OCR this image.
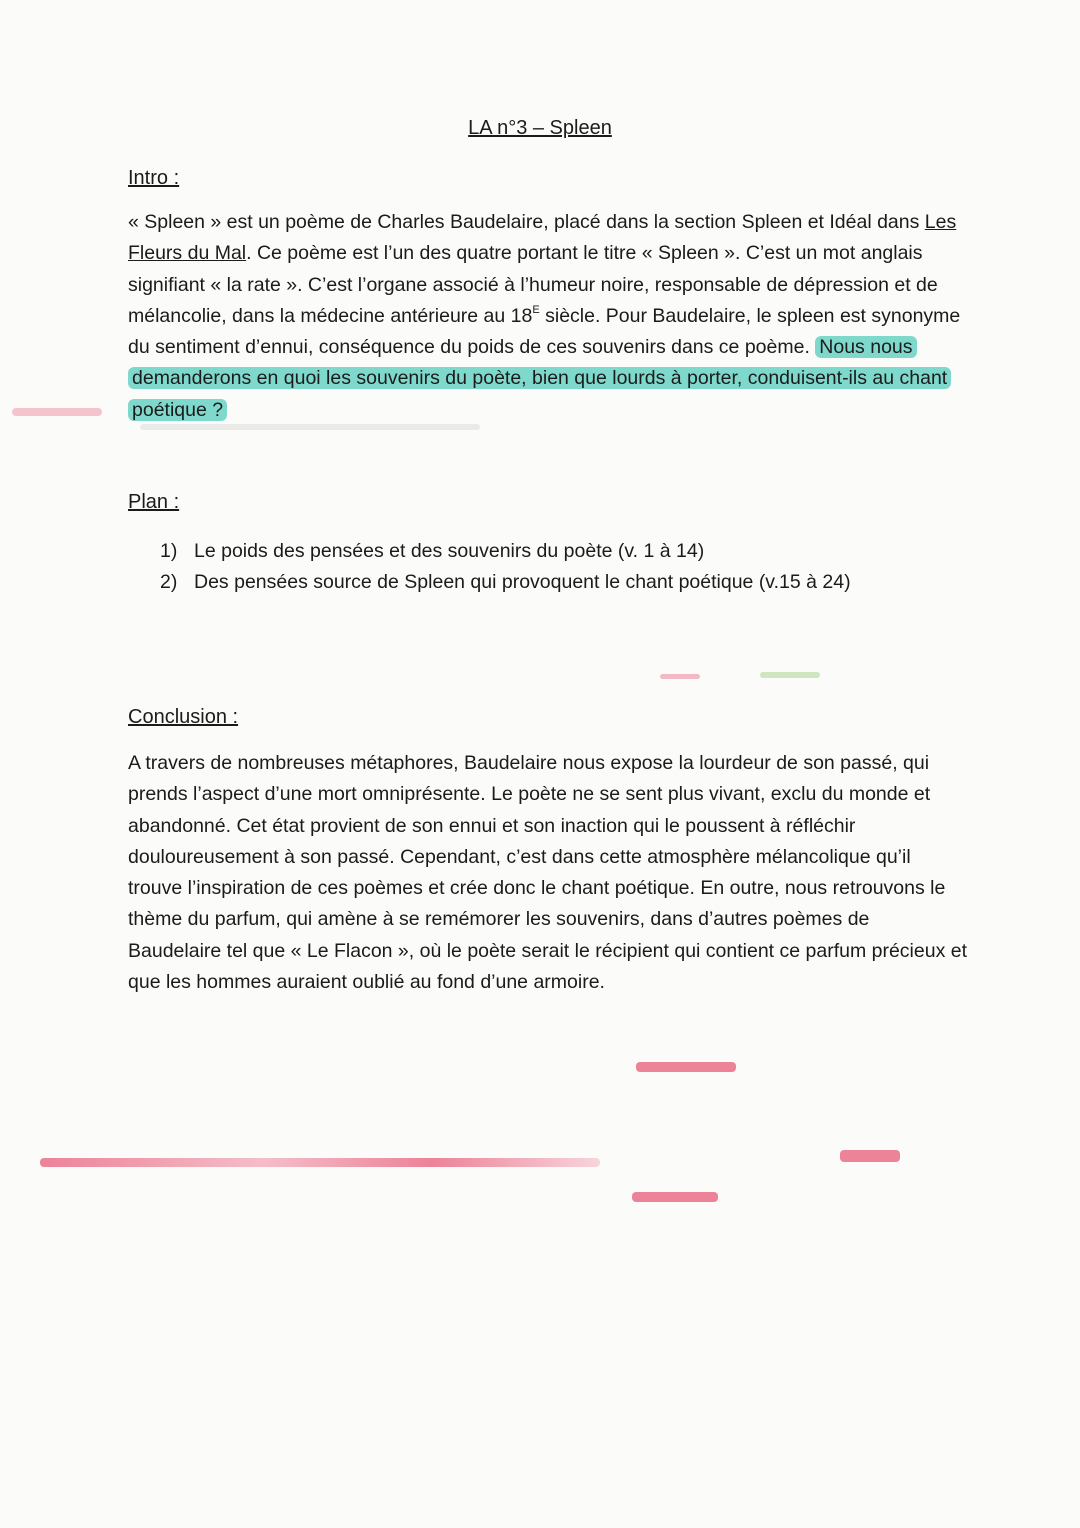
LA n°3 – Spleen
Intro :

« Spleen » est un poème de Charles Baudelaire, placé dans la section Spleen et Idéal dans Les Fleurs du Mal. Ce poème est l’un des quatre portant le titre « Spleen ». C’est un mot anglais signifiant « la rate ». C’est l’organe associé à l’humeur noire, responsable de dépression et de mélancolie, dans la médecine antérieure au $18^E$ siècle. Pour Baudelaire, le spleen est synonyme du sentiment d’ennui, conséquence du poids de ces souvenirs dans ce poème. Nous nous demanderons en quoi les souvenirs du poète, bien que lourds à porter, conduisent-ils au chant poétique ?

Plan :
1) Le poids des pensées et des souvenirs du poète (v. 1 à 14)
2) Des pensées source de Spleen qui provoquent le chant poétique (v.15 à 24)
Conclusion :

A travers de nombreuses métaphores, Baudelaire nous expose la lourdeur de son passé, qui prends l’aspect d’une mort omniprésente. Le poète ne se sent plus vivant, exclu du monde et abandonné. Cet état provient de son ennui et son inaction qui le poussent à réfléchir douloureusement à son passé. Cependant, c’est dans cette atmosphère mélancolique qu’il trouve l’inspiration de ces poèmes et crée donc le chant poétique. En outre, nous retrouvons le thème du parfum, qui amène à se remémorer les souvenirs, dans d’autres poèmes de Baudelaire tel que « Le Flacon », où le poète serait le récipient qui contient ce parfum précieux et que les hommes auraient oublié au fond d’une armoire.
